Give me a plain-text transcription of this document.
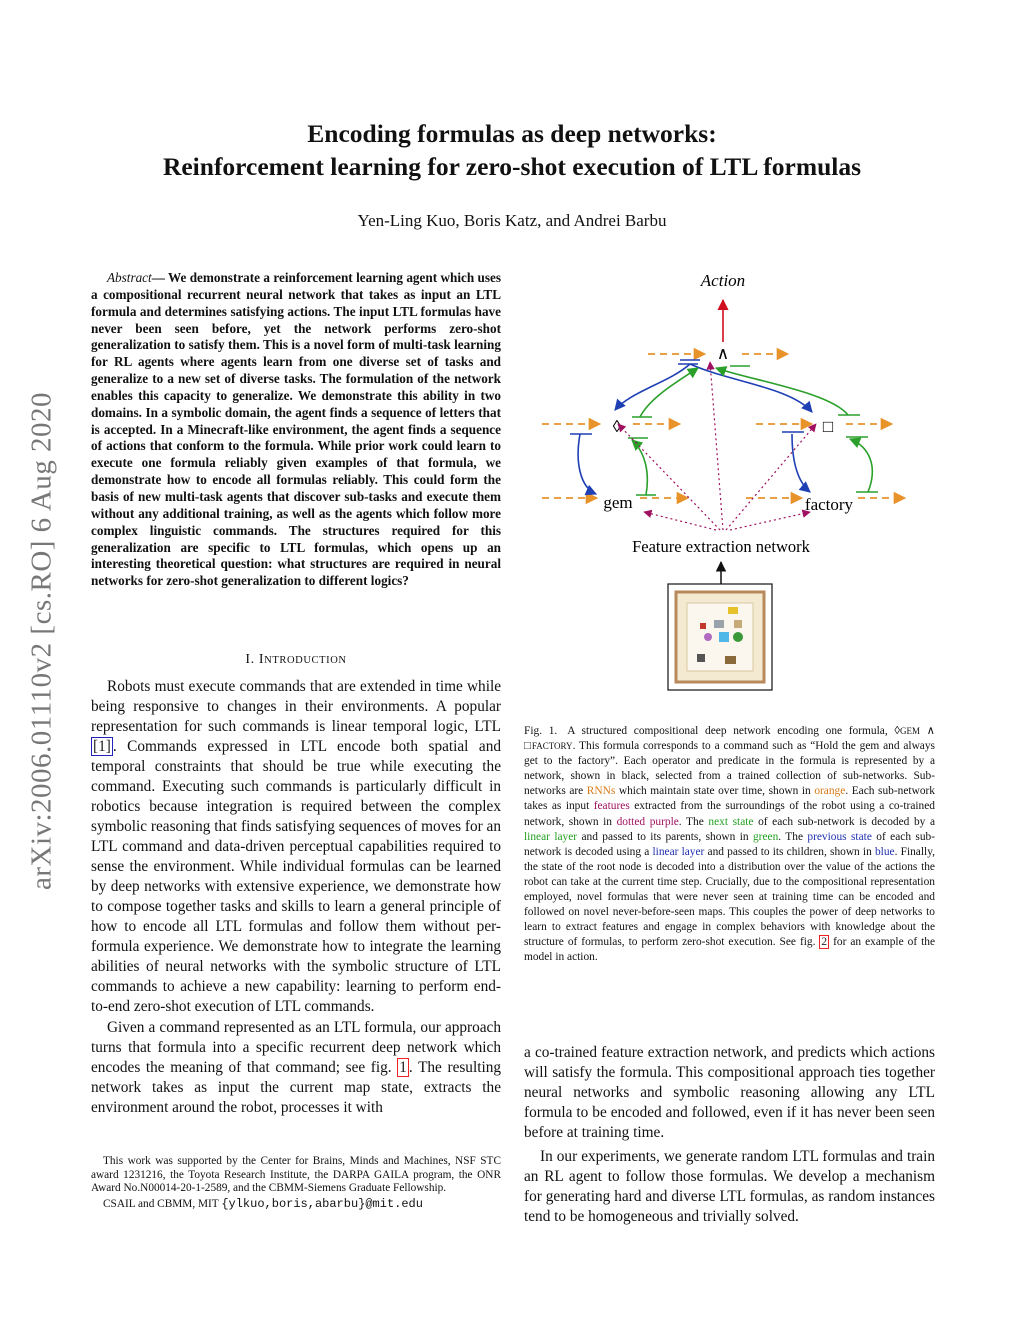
Encoding formulas as deep networks:
Reinforcement learning for zero-shot execution of LTL formulas
Yen-Ling Kuo, Boris Katz, and Andrei Barbu
arXiv:2006.01110v2 [cs.RO] 6 Aug 2020
Abstract— We demonstrate a reinforcement learning agent which uses a compositional recurrent neural network that takes as input an LTL formula and determines satisfying actions. The input LTL formulas have never been seen before, yet the network performs zero-shot generalization to satisfy them. This is a novel form of multi-task learning for RL agents where agents learn from one diverse set of tasks and generalize to a new set of diverse tasks. The formulation of the network enables this capacity to generalize. We demonstrate this ability in two domains. In a symbolic domain, the agent finds a sequence of letters that is accepted. In a Minecraft-like environment, the agent finds a sequence of actions that conform to the formula. While prior work could learn to execute one formula reliably given examples of that formula, we demonstrate how to encode all formulas reliably. This could form the basis of new multi-task agents that discover sub-tasks and execute them without any additional training, as well as the agents which follow more complex linguistic commands. The structures required for this generalization are specific to LTL formulas, which opens up an interesting theoretical question: what structures are required in neural networks for zero-shot generalization to different logics?
I. INTRODUCTION

Robots must execute commands that are extended in time while being responsive to changes in their environments. A popular representation for such commands is linear temporal logic, LTL [1] . Commands expressed in LTL encode both spatial and temporal constraints that should be true while executing the command. Executing such commands is particularly difficult in robotics because integration is required between the complex symbolic reasoning that finds satisfying sequences of moves for an LTL command and data-driven perceptual capabilities required to sense the environment. While individual formulas can be learned by deep networks with extensive experience, we demonstrate how to compose together tasks and skills to learn a general principle of how to encode all LTL formulas and follow them without per-formula experience. We demonstrate how to integrate the learning abilities of neural networks with the symbolic structure of LTL commands to achieve a new capability: learning to perform end-to-end zero-shot execution of LTL commands.

Given a command represented as an LTL formula, our approach turns that formula into a specific recurrent deep network which encodes the meaning of that command; see fig. 1 . The resulting network takes as input the current map state, extracts the environment around the robot, processes it with

This work was supported by the Center for Brains, Minds and Machines, NSF STC award 1231216, the Toyota Research Institute, the DARPA GAILA program, the ONR Award No.N00014-20-1-2589, and the CBMM-Siemens Graduate Fellowship.

CSAIL and CBMM, MIT {ylkuo,boris,abarbu}@mit.edu

Action
∧
◊	□
gem	factory
Feature extraction network
Fig. 1. A structured compositional deep network encoding one formula, ◊GEM ∧ □FACTORY. This formula corresponds to a command such as “Hold the gem and always get to the factory”. Each operator and predicate in the formula is represented by a network, shown in black, selected from a trained collection of sub-networks. Sub-networks are RNNs which maintain state over time, shown in orange. Each sub-network takes as input features extracted from the surroundings of the robot using a co-trained network, shown in dotted purple. The next state of each sub-network is decoded by a linear layer and passed to its parents, shown in green. The previous state of each sub-network is decoded using a linear layer and passed to its children, shown in blue. Finally, the state of the root node is decoded into a distribution over the value of the actions the robot can take at the current time step. Crucially, due to the compositional representation employed, novel formulas that were never seen at training time can be encoded and followed on novel never-before-seen maps. This couples the power of deep networks to learn to extract features and engage in complex behaviors with knowledge about the structure of formulas, to perform zero-shot execution. See fig. 2 for an example of the model in action.

a co-trained feature extraction network, and predicts which actions will satisfy the formula. This compositional approach ties together neural networks and symbolic reasoning allowing any LTL formula to be encoded and followed, even if it has never been seen before at training time.

In our experiments, we generate random LTL formulas and train an RL agent to follow those formulas. We develop a mechanism for generating hard and diverse LTL formulas, as random instances tend to be homogeneous and trivially solved.
